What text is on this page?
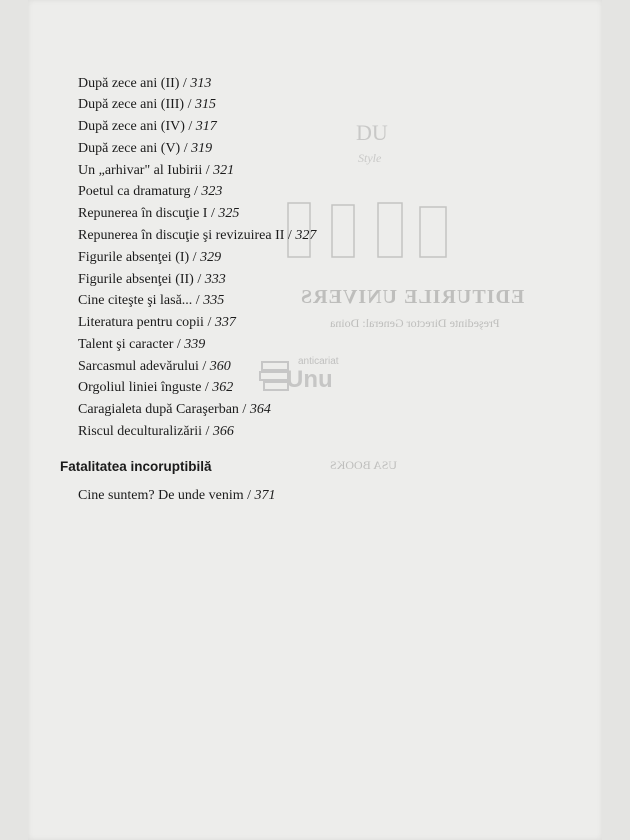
EDITURILE UNIVERS
Preşedinte Director General: Doina
USA BOOKS
DU
Style
anticariat
Unu
După zece ani (II) / 313
După zece ani (III) / 315
După zece ani (IV) / 317
După zece ani (V) / 319
Un „arhivar" al Iubirii / 321
Poetul ca dramaturg / 323
Repunerea în discuţie I / 325
Repunerea în discuţie şi revizuirea II / 327
Figurile absenţei (I) / 329
Figurile absenţei (II) / 333
Cine citeşte şi lasă... / 335
Literatura pentru copii / 337
Talent şi caracter / 339
Sarcasmul adevărului / 360
Orgoliul liniei înguste / 362
Caragialeta după Caraşerban / 364
Riscul deculturalizării / 366
Fatalitatea incoruptibilă
Cine suntem? De unde venim / 371
